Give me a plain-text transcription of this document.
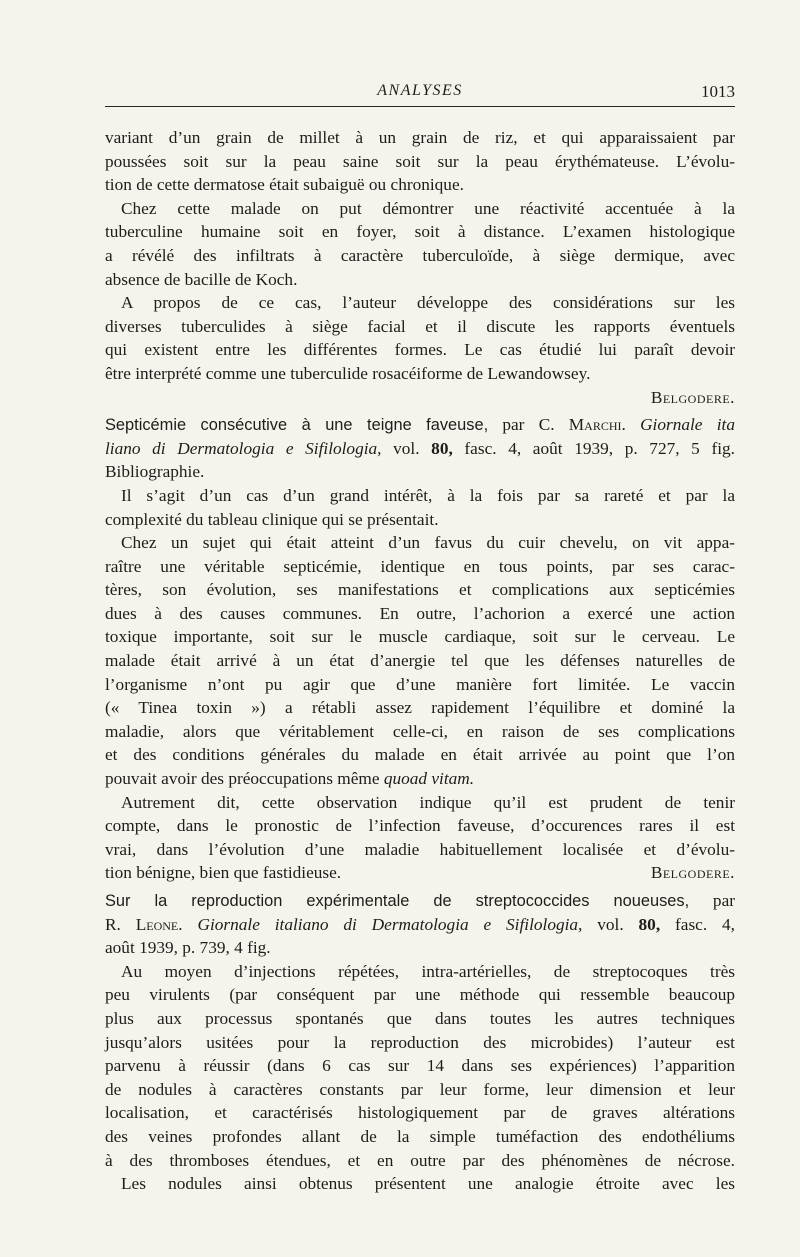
ANALYSES	1013
variant d’un grain de millet à un grain de riz, et qui apparaissaient par
poussées soit sur la peau saine soit sur la peau érythémateuse. L’évolu-
tion de cette dermatose était subaiguë ou chronique.
Chez cette malade on put démontrer une réactivité accentuée à la
tuberculine humaine soit en foyer, soit à distance. L’examen histologique
a révélé des infiltrats à caractère tuberculoïde, à siège dermique, avec
absence de bacille de Koch.
A propos de ce cas, l’auteur développe des considérations sur les
diverses tuberculides à siège facial et il discute les rapports éventuels
qui existent entre les différentes formes. Le cas étudié lui paraît devoir
être interprété comme une tuberculide rosacéiforme de Lewandowsey.
Belgodere.
Septicémie consécutive à une teigne faveuse, par C. Marchi. Giornale ita
liano di Dermatologia e Sifilologia, vol. 80, fasc. 4, août 1939, p. 727, 5 fig.
Bibliographie.
Il s’agit d’un cas d’un grand intérêt, à la fois par sa rareté et par la
complexité du tableau clinique qui se présentait.
Chez un sujet qui était atteint d’un favus du cuir chevelu, on vit appa-
raître une véritable septicémie, identique en tous points, par ses carac-
tères, son évolution, ses manifestations et complications aux septicémies
dues à des causes communes. En outre, l’achorion a exercé une action
toxique importante, soit sur le muscle cardiaque, soit sur le cerveau. Le
malade était arrivé à un état d’anergie tel que les défenses naturelles de
l’organisme n’ont pu agir que d’une manière fort limitée. Le vaccin
(« Tinea toxin ») a rétabli assez rapidement l’équilibre et dominé la
maladie, alors que véritablement celle-ci, en raison de ses complications
et des conditions générales du malade en était arrivée au point que l’on
pouvait avoir des préoccupations même quoad vitam.
Autrement dit, cette observation indique qu’il est prudent de tenir
compte, dans le pronostic de l’infection faveuse, d’occurences rares il est
vrai, dans l’évolution d’une maladie habituellement localisée et d’évolu-
tion bénigne, bien que fastidieuse.	Belgodere.
Sur la reproduction expérimentale de streptococcides noueuses, par
R. Leone. Giornale italiano di Dermatologia e Sifilologia, vol. 80, fasc. 4,
août 1939, p. 739, 4 fig.
Au moyen d’injections répétées, intra-artérielles, de streptocoques très
peu virulents (par conséquent par une méthode qui ressemble beaucoup
plus aux processus spontanés que dans toutes les autres techniques
jusqu’alors usitées pour la reproduction des microbides) l’auteur est
parvenu à réussir (dans 6 cas sur 14 dans ses expériences) l’apparition
de nodules à caractères constants par leur forme, leur dimension et leur
localisation, et caractérisés histologiquement par de graves altérations
des veines profondes allant de la simple tuméfaction des endothéliums
à des thromboses étendues, et en outre par des phénomènes de nécrose.
Les nodules ainsi obtenus présentent une analogie étroite avec les
